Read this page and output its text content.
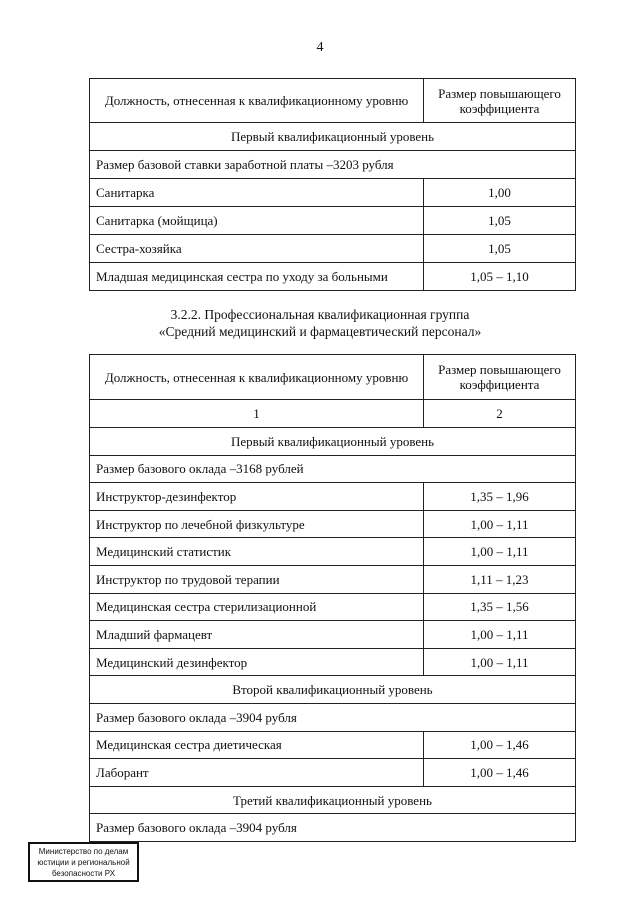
4
Должность, отнесенная к квалификационному уровню	Размер повышающего коэффициента
Первый квалификационный уровень	
Размер базовой ставки заработной платы –3203 рубля	
Санитарка	1,00
Санитарка (мойщица)	1,05
Сестра-хозяйка	1,05
Младшая медицинская сестра по уходу за больными	1,05 – 1,10
3.2.2. Профессиональная квалификационная группа
«Средний медицинский и фармацевтический персонал»
Должность, отнесенная к квалификационному уровню	Размер повышающего коэффициента
1	2
Первый квалификационный уровень	
Размер базового оклада –3168 рублей	
Инструктор-дезинфектор	1,35 – 1,96
Инструктор по лечебной физкультуре	1,00 – 1,11
Медицинский статистик	1,00 – 1,11
Инструктор по трудовой терапии	1,11 – 1,23
Медицинская сестра стерилизационной	1,35 – 1,56
Младший фармацевт	1,00 – 1,11
Медицинский дезинфектор	1,00 – 1,11
Второй квалификационный уровень	
Размер базового оклада –3904 рубля	
Медицинская сестра диетическая	1,00 – 1,46
Лаборант	1,00 – 1,46
Третий квалификационный уровень	
Размер базового оклада –3904 рубля	
Министерство по делам
юстиции и региональной
безопасности РХ
